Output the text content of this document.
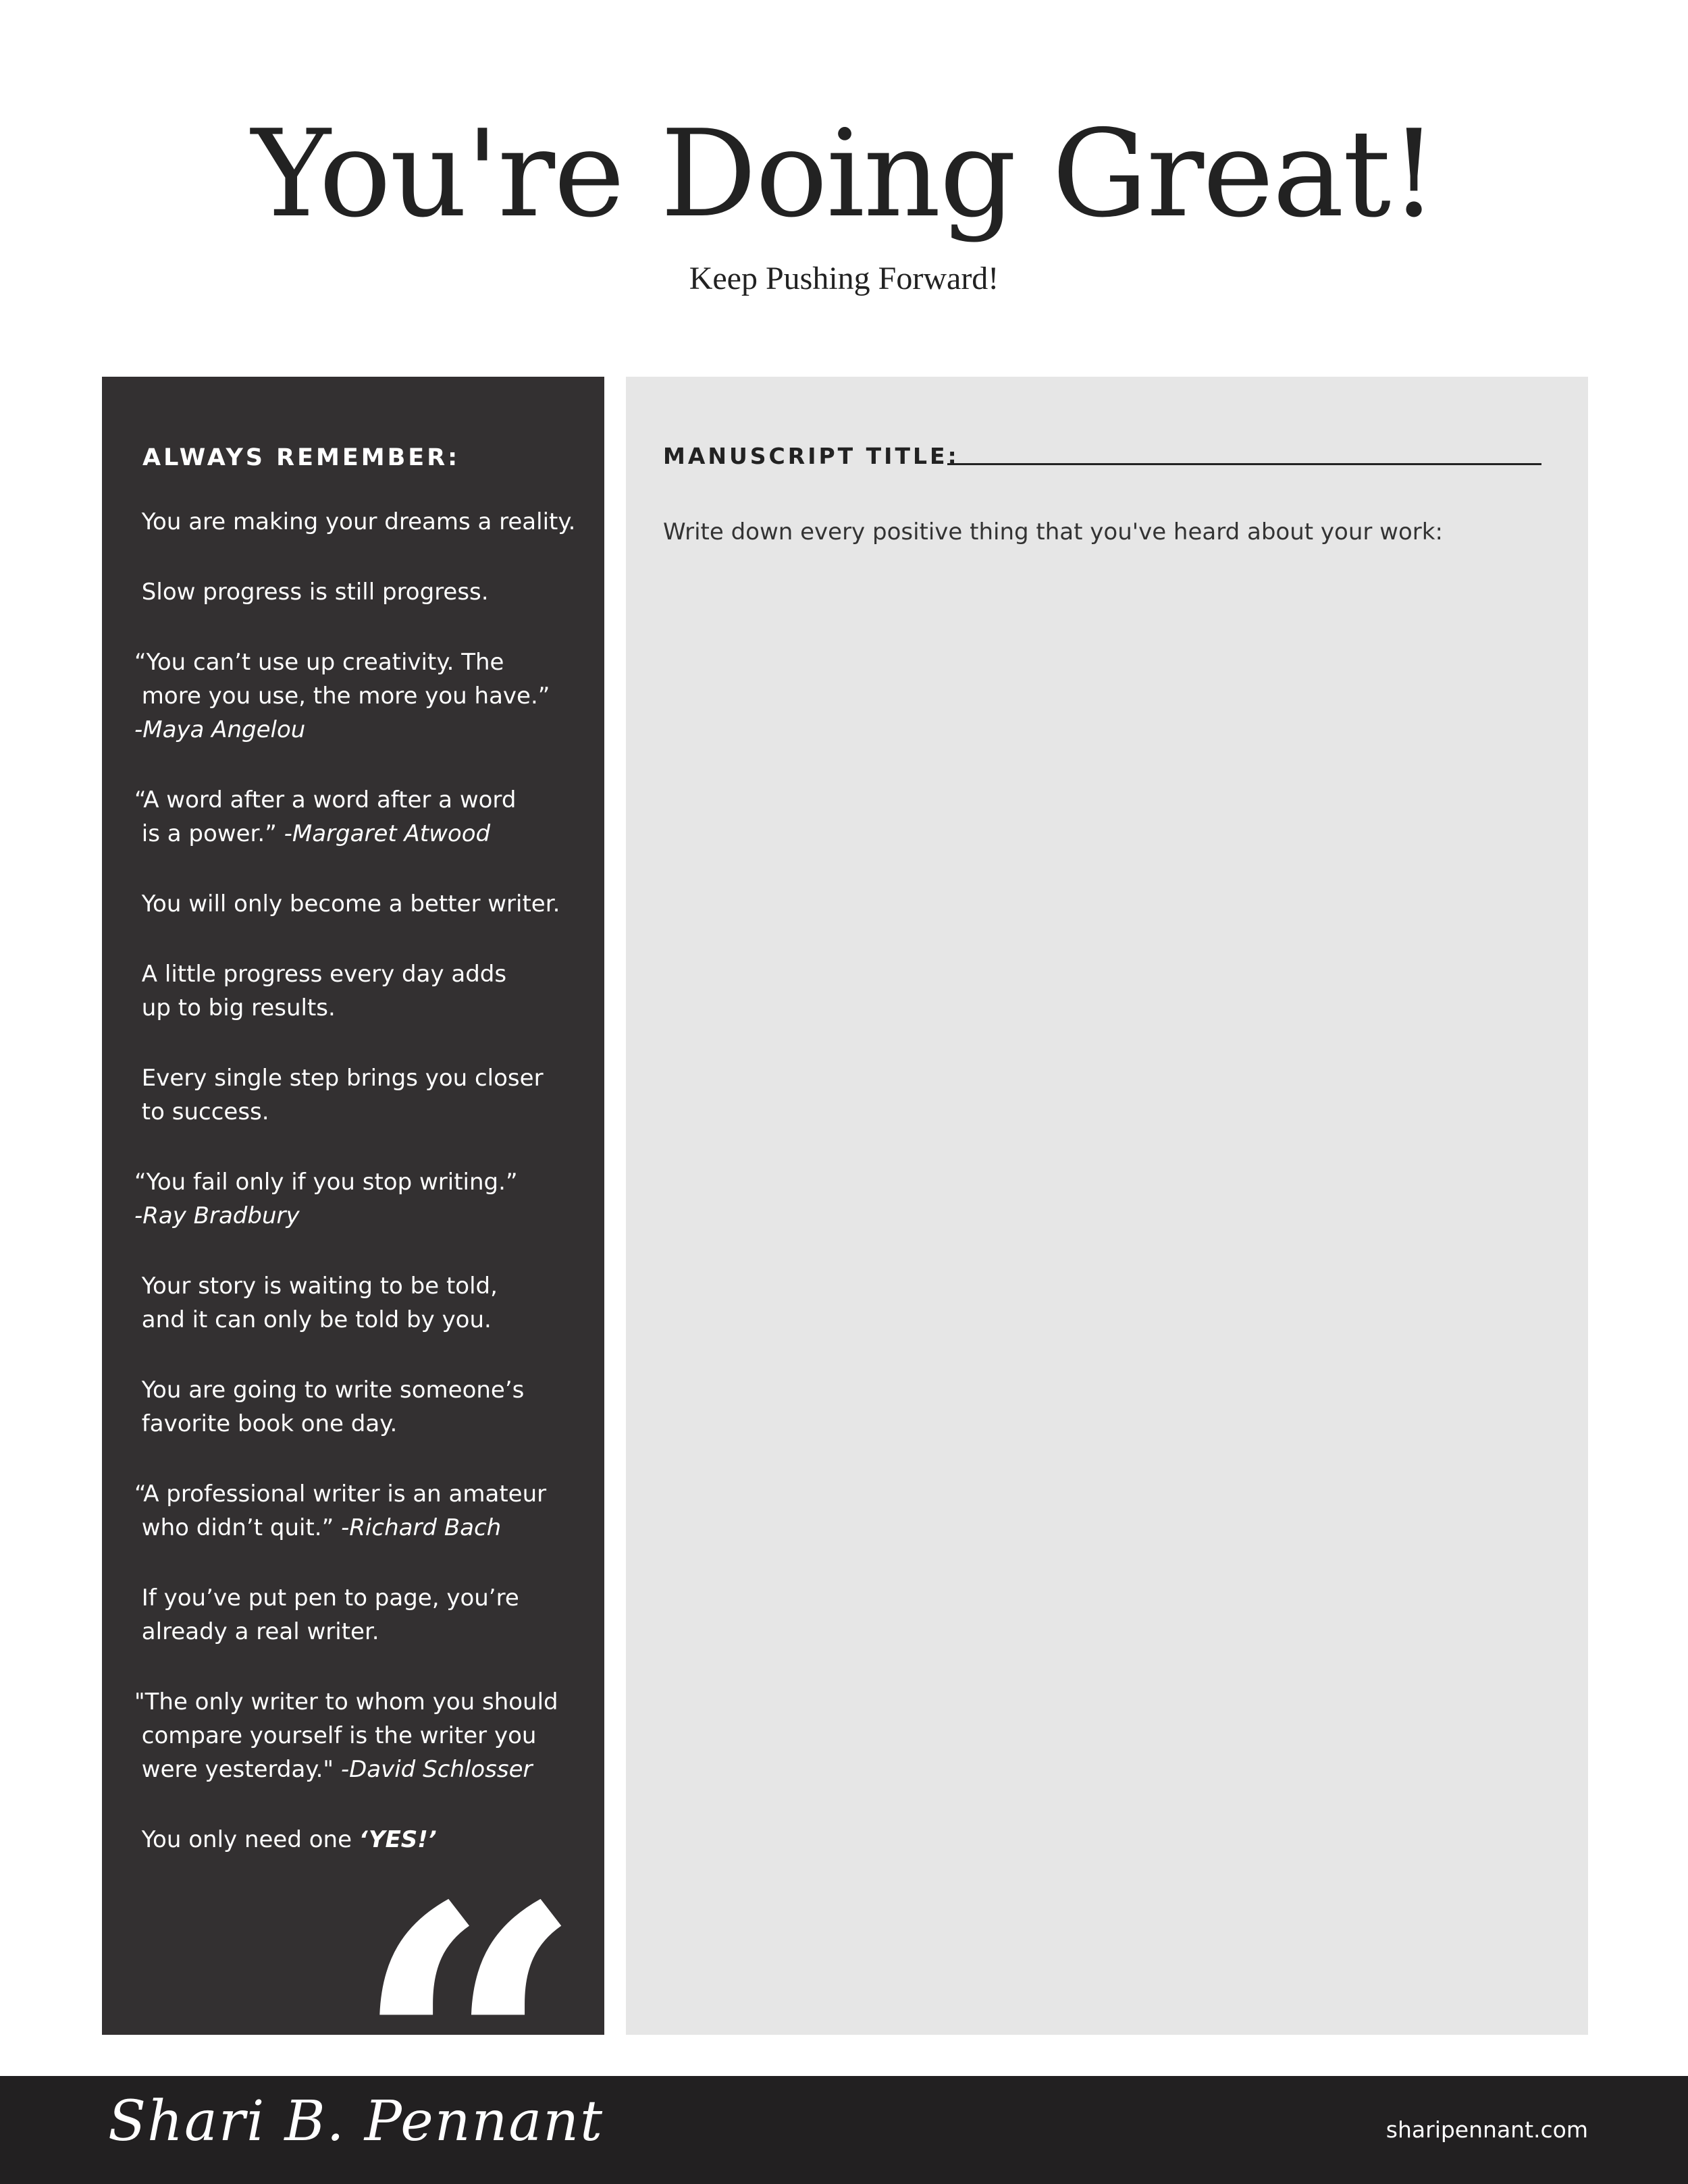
You're Doing Great!
Keep Pushing Forward!
ALWAYS REMEMBER:
You are making your dreams a reality.
Slow progress is still progress.
“You can’t use up creativity. The
more you use, the more you have.”
-Maya Angelou
“A word after a word after a word
is a power.” -Margaret Atwood
You will only become a better writer.
A little progress every day adds
up to big results.
Every single step brings you closer
to success.
“You fail only if you stop writing.”
-Ray Bradbury
Your story is waiting to be told,
and it can only be told by you.
You are going to write someone’s
favorite book one day.
“A professional writer is an amateur
who didn’t quit.” -Richard Bach
If you’ve put pen to page, you’re
already a real writer.
"The only writer to whom you should
compare yourself is the writer you
were yesterday." -David Schlosser
You only need one ‘YES!’
MANUSCRIPT TITLE:
Write down every positive thing that you've heard about your work:
Shari B. Pennant	sharipennant.com
